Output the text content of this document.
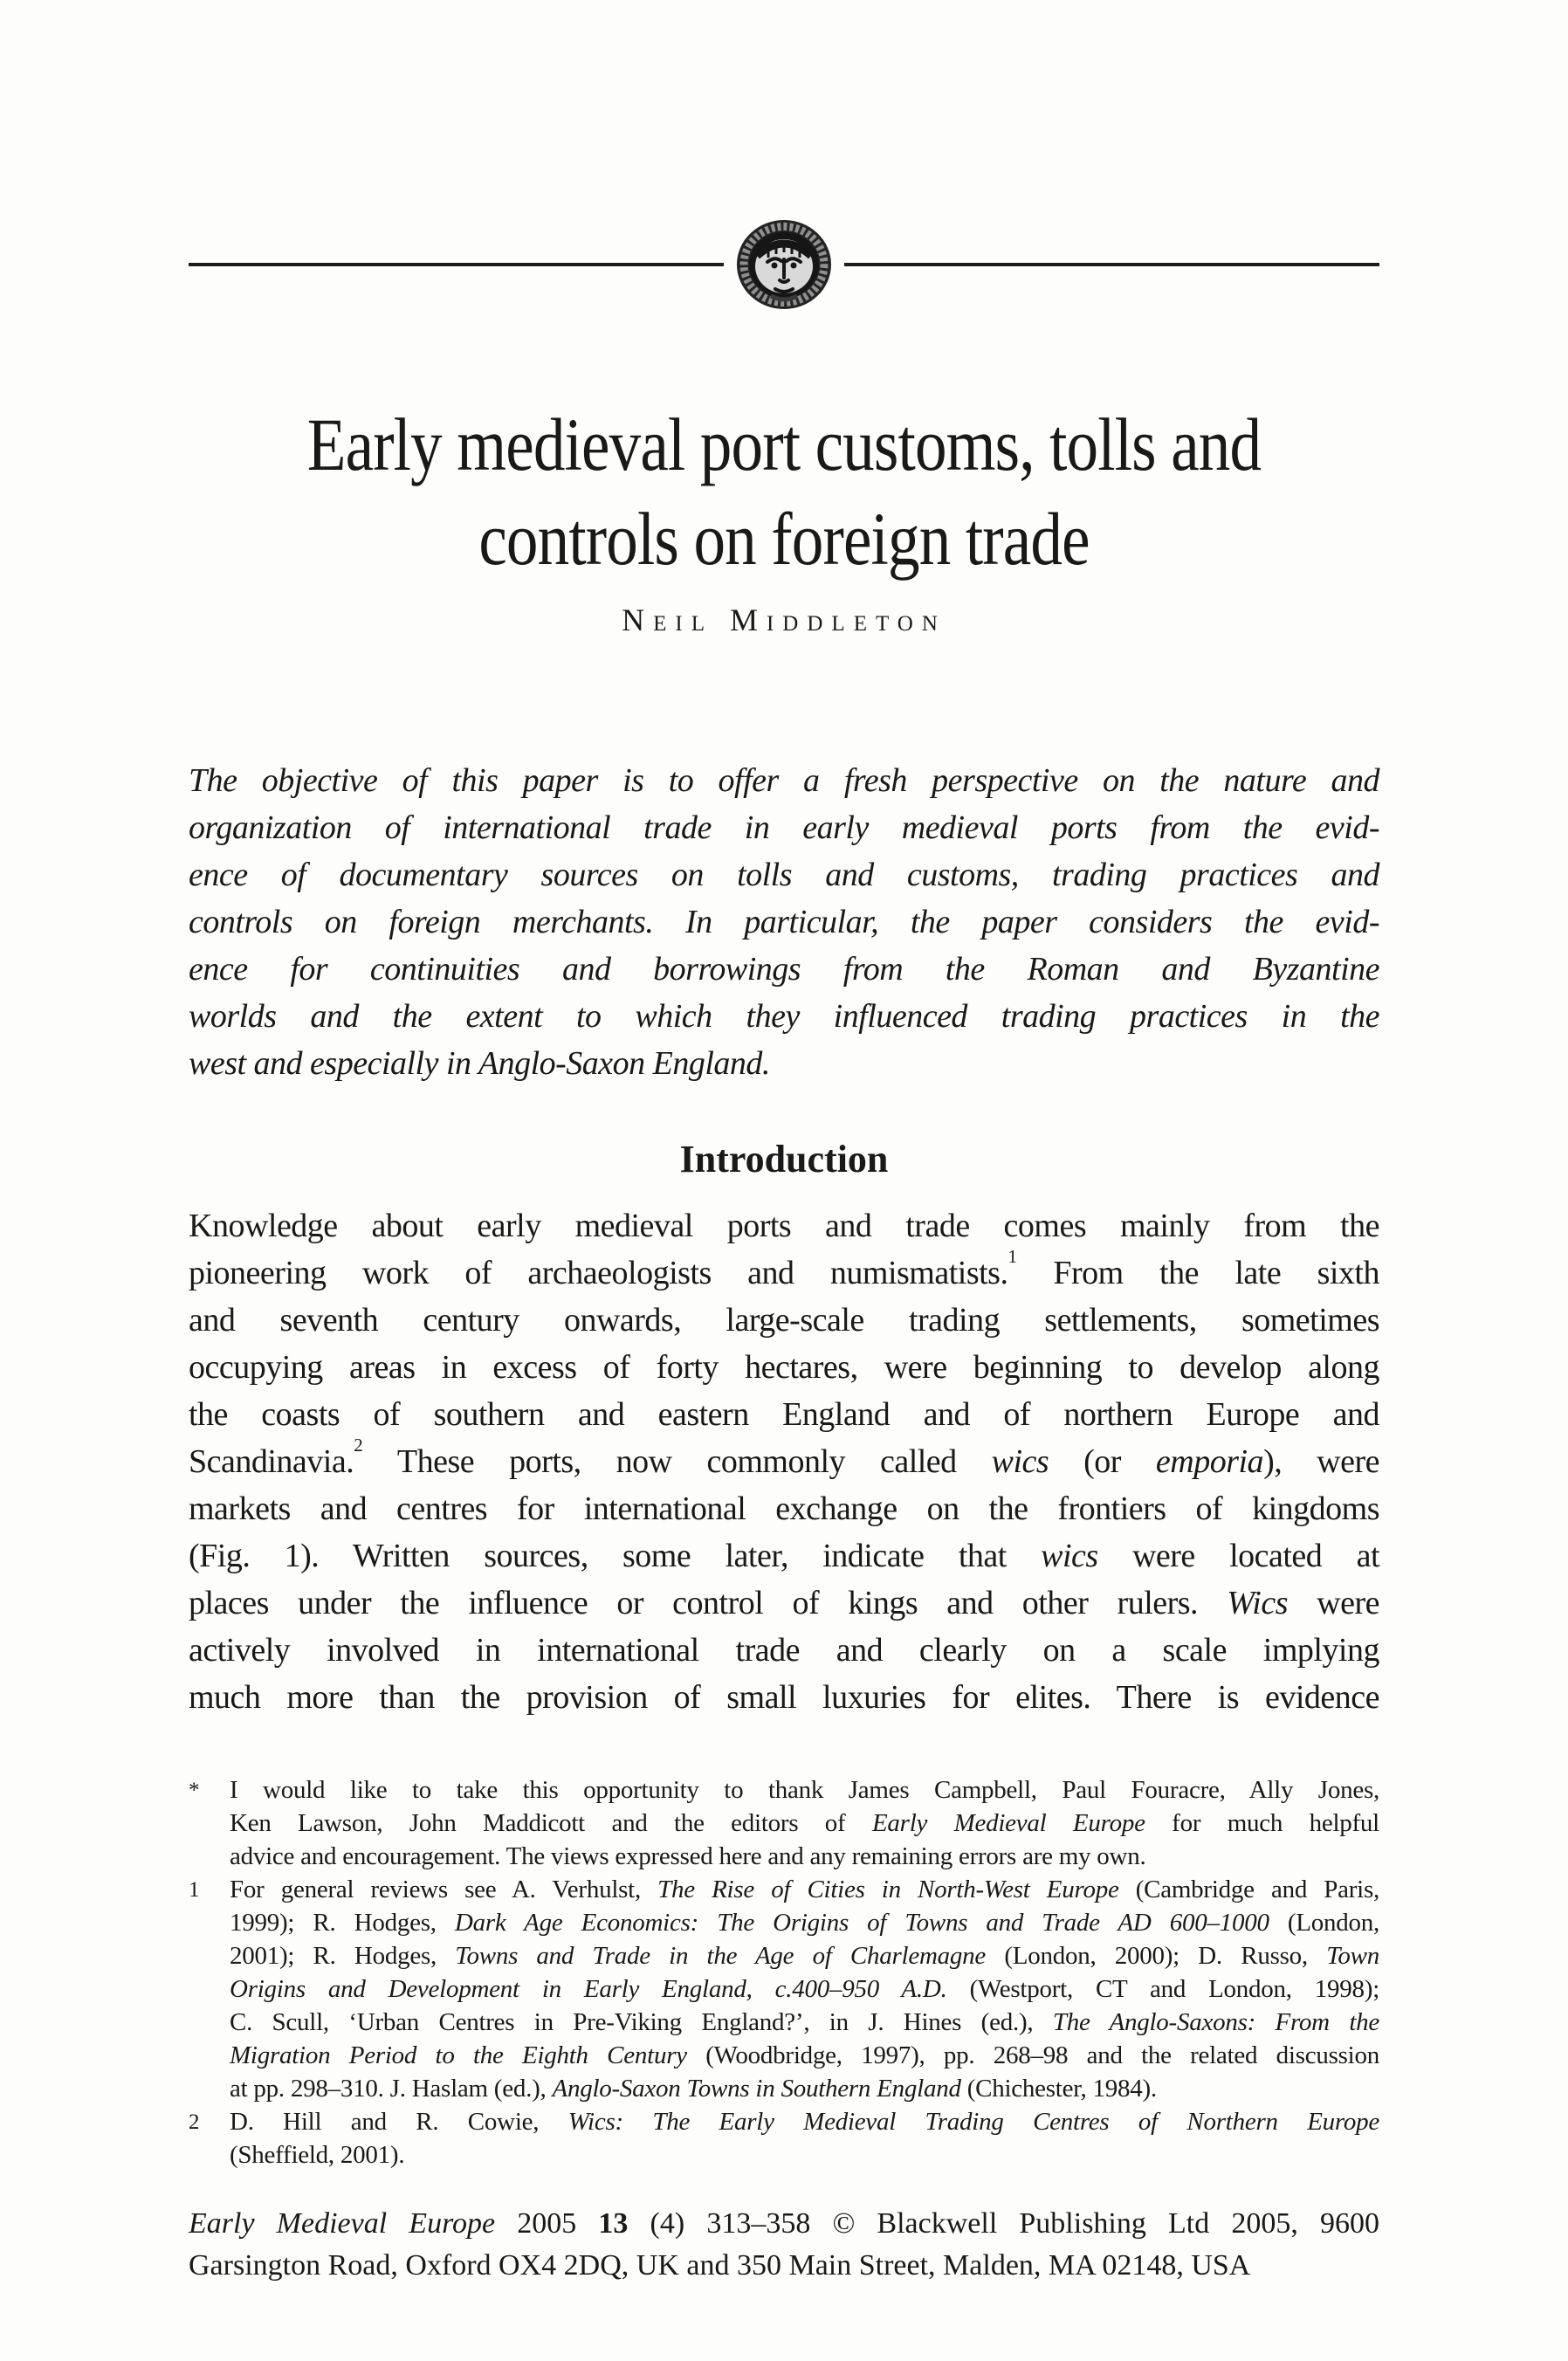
Early medieval port customs, tolls and
controls on foreign trade
Neil Middleton
The objective of this paper is to offer a fresh perspective on the nature and
organization of international trade in early medieval ports from the evid-
ence of documentary sources on tolls and customs, trading practices and
controls on foreign merchants. In particular, the paper considers the evid-
ence for continuities and borrowings from the Roman and Byzantine
worlds and the extent to which they influenced trading practices in the
west and especially in Anglo-Saxon England.
Introduction
Knowledge about early medieval ports and trade comes mainly from the
pioneering work of archaeologists and numismatists.$^1$ From the late sixth
and seventh century onwards, large-scale trading settlements, sometimes
occupying areas in excess of forty hectares, were beginning to develop along
the coasts of southern and eastern England and of northern Europe and
Scandinavia.$^2$ These ports, now commonly called wics (or emporia), were
markets and centres for international exchange on the frontiers of kingdoms
(Fig. 1). Written sources, some later, indicate that wics were located at
places under the influence or control of kings and other rulers. Wics were
actively involved in international trade and clearly on a scale implying
much more than the provision of small luxuries for elites. There is evidence
*	I would like to take this opportunity to thank James Campbell, Paul Fouracre, Ally Jones,
Ken Lawson, John Maddicott and the editors of Early Medieval Europe for much helpful
advice and encouragement. The views expressed here and any remaining errors are my own.
1	For general reviews see A. Verhulst, The Rise of Cities in North-West Europe (Cambridge and Paris,
1999); R. Hodges, Dark Age Economics: The Origins of Towns and Trade AD 600–1000 (London,
2001); R. Hodges, Towns and Trade in the Age of Charlemagne (London, 2000); D. Russo, Town
Origins and Development in Early England, c.400–950 A.D. (Westport, CT and London, 1998);
C. Scull, ‘Urban Centres in Pre-Viking England?’, in J. Hines (ed.), The Anglo-Saxons: From the
Migration Period to the Eighth Century (Woodbridge, 1997), pp. 268–98 and the related discussion
at pp. 298–310. J. Haslam (ed.), Anglo-Saxon Towns in Southern England (Chichester, 1984).
2	D. Hill and R. Cowie, Wics: The Early Medieval Trading Centres of Northern Europe
(Sheffield, 2001).
Early Medieval Europe 2005 13 (4) 313–358 © Blackwell Publishing Ltd 2005, 9600
Garsington Road, Oxford OX4 2DQ, UK and 350 Main Street, Malden, MA 02148, USA
